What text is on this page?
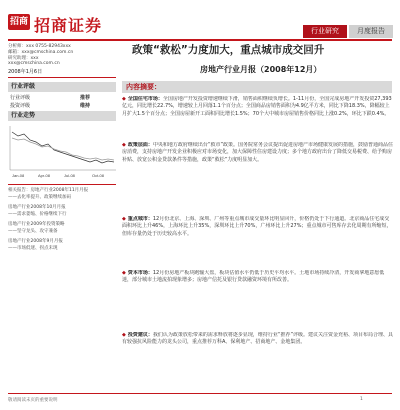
招商 招商证券	行业研究	月度报告
分析师：xxx 0755-82943xxx
邮箱：xxx@cmschina.com.cn
研究助理：xxx
xxx@cmschina.com.cn
2008年1月6日
行业评级
行业评级	推荐
投资评级	维持
行业走势
Jan-08	Apr-08	Jul-08	Oct-08
相关报告：房地产行业2008年11月月报
——去化率提升、政策继续加码
房地产行业2008年10月月报
——需求萎缩、价格继续下行
房地产行业2009年投资策略
——坚守龙头、攻守兼备
房地产行业2008年9月月报
——市场低迷、拐点未现
政策“救松”力度加大，重点城市成交回升
房地产行业月报（2008年12月）
内容摘要：
◆ 全国住宅市场：全国房地产开发投资增速继续下滑，销售面积继续负增长。1-11月份，全国完成房地产开发投资27,393亿元，同比增长22.7%，增速较上月回落1.1个百分点；全国商品房销售面积为4.9亿平方米，同比下降18.3%，降幅较上月扩大1.5个百分点；全国房屋新开工面积同比增长1.5%；70个大中城市房屋销售价格同比上涨0.2%，环比下跌0.4%。
◆ 政策层面：中央和地方政府继续出台“救市”政策。国务院常务会议提出促进房地产市场健康发展的措施，鼓励普通商品住房消费，支持房地产开发企业积极应对市场变化，加大保障性住房建设力度；多个地方政府出台了降低交易税费、给予购房补贴、放宽公积金贷款条件等措施，政策“救松”力度明显加大。
◆ 重点城市：12月份北京、上海、深圳、广州等重点城市成交量环比明显回升，价格仍处于下行通道。北京商品住宅成交面积环比上升46%，上海环比上升35%，深圳环比上升70%，广州环比上升27%；重点城市可售库存去化周期有所缩短，但库存量仍处于历史较高水平。
◆ 资本市场：12月份房地产板块跑输大盘，板块估值水平仍低于历史平均水平。土地市场持续冷清，开发商拿地意愿低迷，部分城市土地流拍现象增多；房地产信托及银行贷款融资环境有所改善。
◆ 投资建议：我们认为政策放松带来的需求释放将逐步显现，维持行业“推荐”评级。建议关注资金充裕、项目布局合理、具有较强抗风险能力的龙头公司，重点推荐万科A、保利地产、招商地产、金地集团。
敬请阅读末页的重要说明	1
